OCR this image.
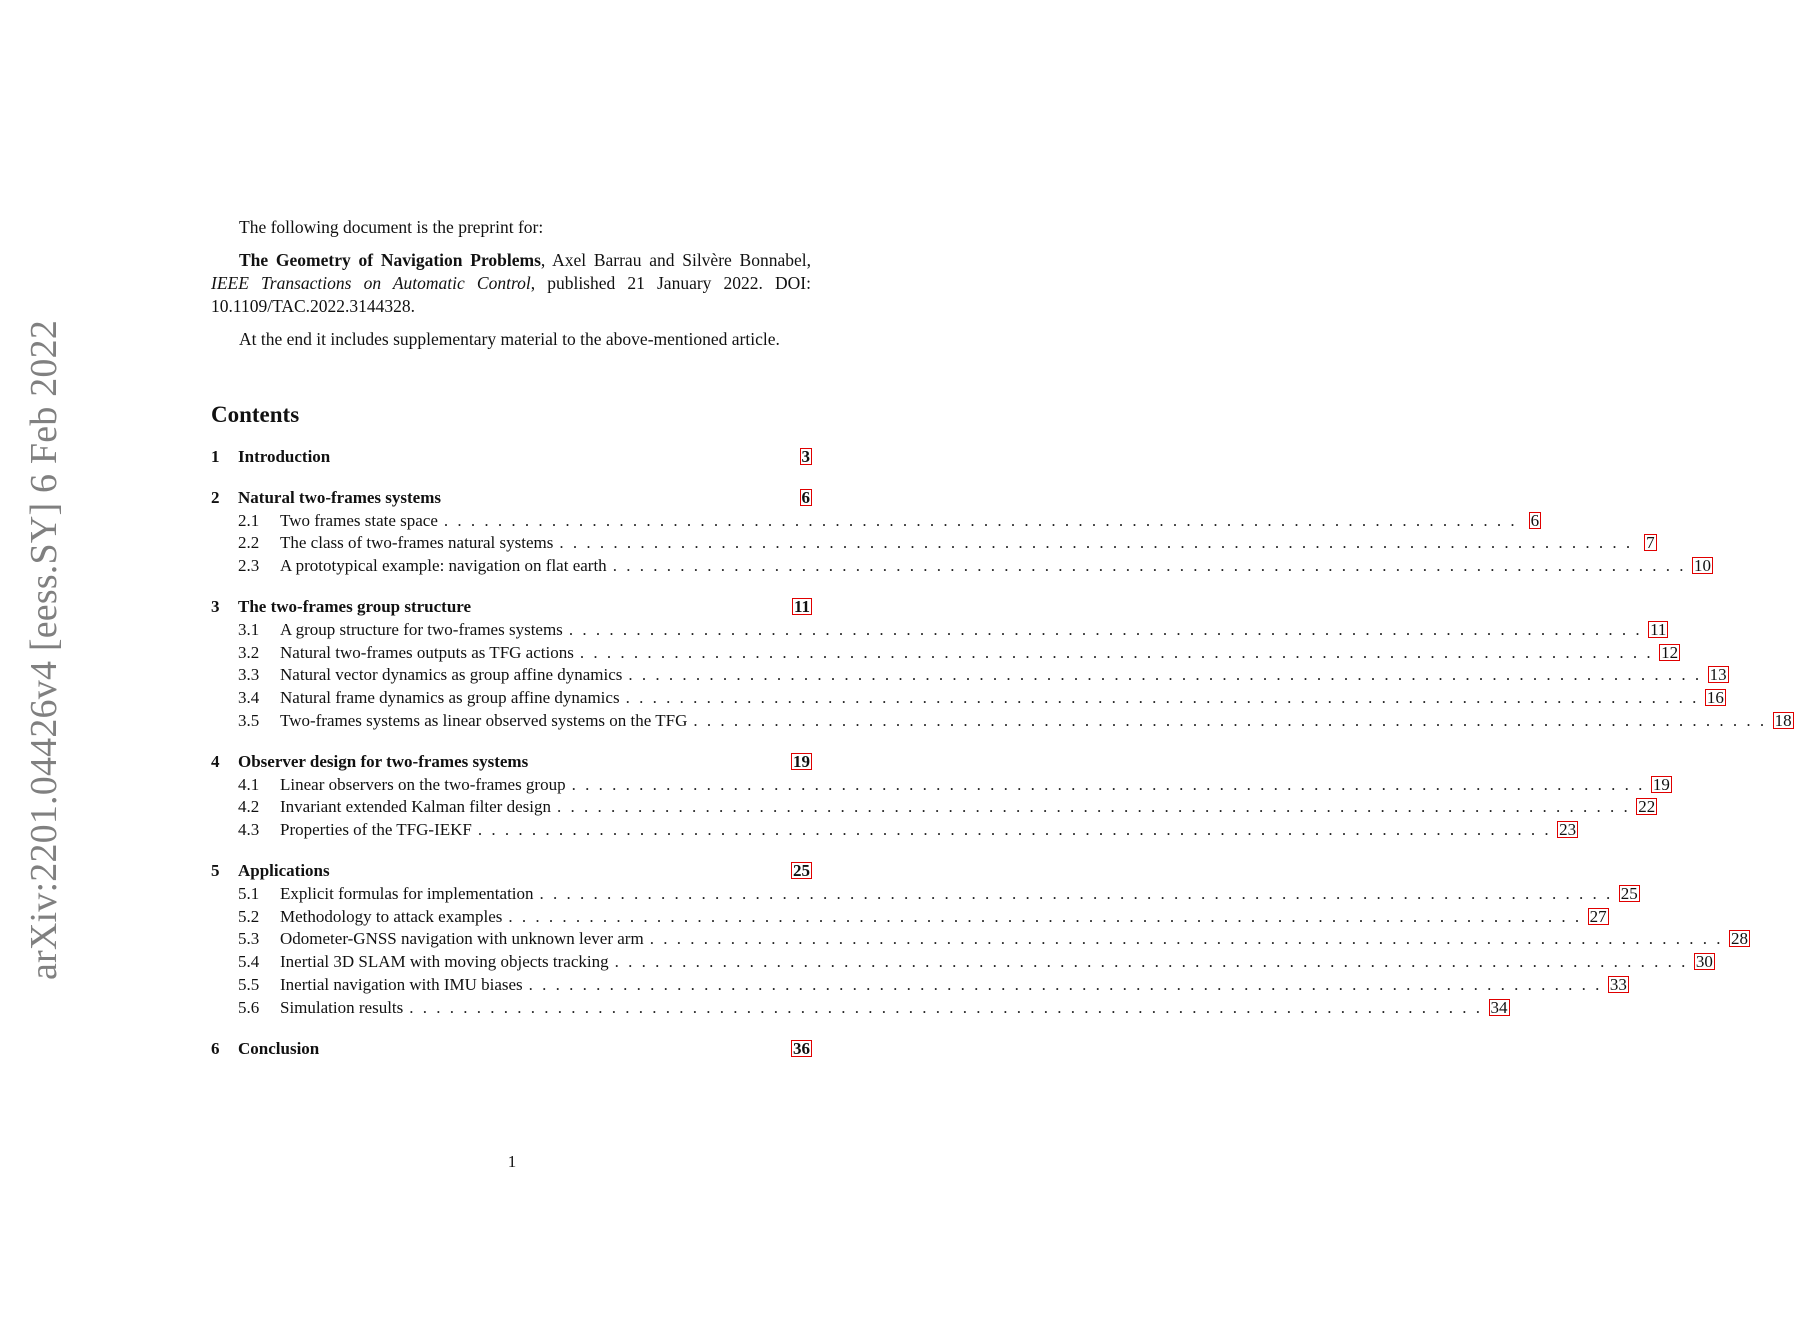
arXiv:2201.04426v4 [eess.SY] 6 Feb 2022

The following document is the preprint for:

The Geometry of Navigation Problems, Axel Barrau and Silvère Bonnabel, IEEE Transactions on Automatic Control, published 21 January 2022. DOI: 10.1109/TAC.2022.3144328.

At the end it includes supplementary material to the above-mentioned article.

Contents
1	Introduction	3
2	Natural two-frames systems	6
2.1	Two frames state space . . . . . . . . . . . . . . . . . . . . . . . . . . . . . . . . . . . . . . . . . . . . . . . . . . . . . . . . . . . . . . . . . . . . . . . . . . . . . . . . 6
2.2	The class of two-frames natural systems . . . . . . . . . . . . . . . . . . . . . . . . . . . . . . . . . . . . . . . . . . . . . . . . . . . . . . . . . . . . . . . . . . . . . . . . . . . . . . . . 7
2.3	A prototypical example: navigation on flat earth . . . . . . . . . . . . . . . . . . . . . . . . . . . . . . . . . . . . . . . . . . . . . . . . . . . . . . . . . . . . . . . . . . . . . . . . . . . . . . . . 10
3	The two-frames group structure	11
3.1	A group structure for two-frames systems . . . . . . . . . . . . . . . . . . . . . . . . . . . . . . . . . . . . . . . . . . . . . . . . . . . . . . . . . . . . . . . . . . . . . . . . . . . . . . . . 11
3.2	Natural two-frames outputs as TFG actions . . . . . . . . . . . . . . . . . . . . . . . . . . . . . . . . . . . . . . . . . . . . . . . . . . . . . . . . . . . . . . . . . . . . . . . . . . . . . . . . 12
3.3	Natural vector dynamics as group affine dynamics . . . . . . . . . . . . . . . . . . . . . . . . . . . . . . . . . . . . . . . . . . . . . . . . . . . . . . . . . . . . . . . . . . . . . . . . . . . . . . . . 13
3.4	Natural frame dynamics as group affine dynamics . . . . . . . . . . . . . . . . . . . . . . . . . . . . . . . . . . . . . . . . . . . . . . . . . . . . . . . . . . . . . . . . . . . . . . . . . . . . . . . . 16
3.5	Two-frames systems as linear observed systems on the TFG . . . . . . . . . . . . . . . . . . . . . . . . . . . . . . . . . . . . . . . . . . . . . . . . . . . . . . . . . . . . . . . . . . . . . . . . . . . . . . . . 18
4	Observer design for two-frames systems	19
4.1	Linear observers on the two-frames group . . . . . . . . . . . . . . . . . . . . . . . . . . . . . . . . . . . . . . . . . . . . . . . . . . . . . . . . . . . . . . . . . . . . . . . . . . . . . . . . 19
4.2	Invariant extended Kalman filter design . . . . . . . . . . . . . . . . . . . . . . . . . . . . . . . . . . . . . . . . . . . . . . . . . . . . . . . . . . . . . . . . . . . . . . . . . . . . . . . . 22
4.3	Properties of the TFG-IEKF . . . . . . . . . . . . . . . . . . . . . . . . . . . . . . . . . . . . . . . . . . . . . . . . . . . . . . . . . . . . . . . . . . . . . . . . . . . . . . . . 23
5	Applications	25
5.1	Explicit formulas for implementation . . . . . . . . . . . . . . . . . . . . . . . . . . . . . . . . . . . . . . . . . . . . . . . . . . . . . . . . . . . . . . . . . . . . . . . . . . . . . . . . 25
5.2	Methodology to attack examples . . . . . . . . . . . . . . . . . . . . . . . . . . . . . . . . . . . . . . . . . . . . . . . . . . . . . . . . . . . . . . . . . . . . . . . . . . . . . . . . 27
5.3	Odometer-GNSS navigation with unknown lever arm . . . . . . . . . . . . . . . . . . . . . . . . . . . . . . . . . . . . . . . . . . . . . . . . . . . . . . . . . . . . . . . . . . . . . . . . . . . . . . . . 28
5.4	Inertial 3D SLAM with moving objects tracking . . . . . . . . . . . . . . . . . . . . . . . . . . . . . . . . . . . . . . . . . . . . . . . . . . . . . . . . . . . . . . . . . . . . . . . . . . . . . . . . 30
5.5	Inertial navigation with IMU biases . . . . . . . . . . . . . . . . . . . . . . . . . . . . . . . . . . . . . . . . . . . . . . . . . . . . . . . . . . . . . . . . . . . . . . . . . . . . . . . . 33
5.6	Simulation results . . . . . . . . . . . . . . . . . . . . . . . . . . . . . . . . . . . . . . . . . . . . . . . . . . . . . . . . . . . . . . . . . . . . . . . . . . . . . . . . 34
6	Conclusion	36
1
